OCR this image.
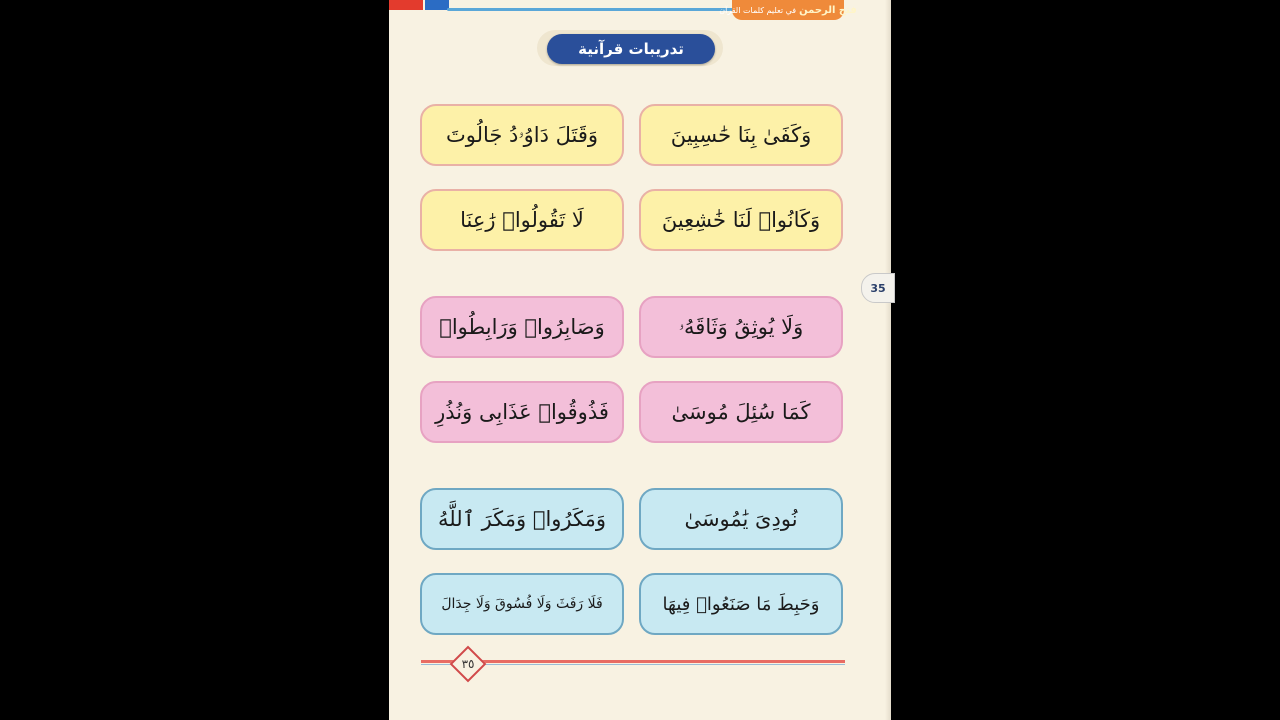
فتح الرحمن
في تعليم كلمات القرآن
تدريبات قرآنية
وَكَفَىٰ بِنَا حَٰسِبِينَ
وَقَتَلَ دَاوُۥدُ جَالُوتَ
وَكَانُوا۟ لَنَا خَٰشِعِينَ
لَا تَقُولُوا۟ رَٰعِنَا
وَلَا يُوثِقُ وَثَاقَهُۥ
وَصَابِرُوا۟ وَرَابِطُوا۟
كَمَا سُئِلَ مُوسَىٰ
فَذُوقُوا۟ عَذَابِى وَنُذُرِ
نُودِىَ يَٰمُوسَىٰ
وَمَكَرُوا۟ وَمَكَرَ ٱللَّهُ
وَحَبِطَ مَا صَنَعُوا۟ فِيهَا
فَلَا رَفَثَ وَلَا فُسُوقَ وَلَا جِدَالَ
٣٥
35
